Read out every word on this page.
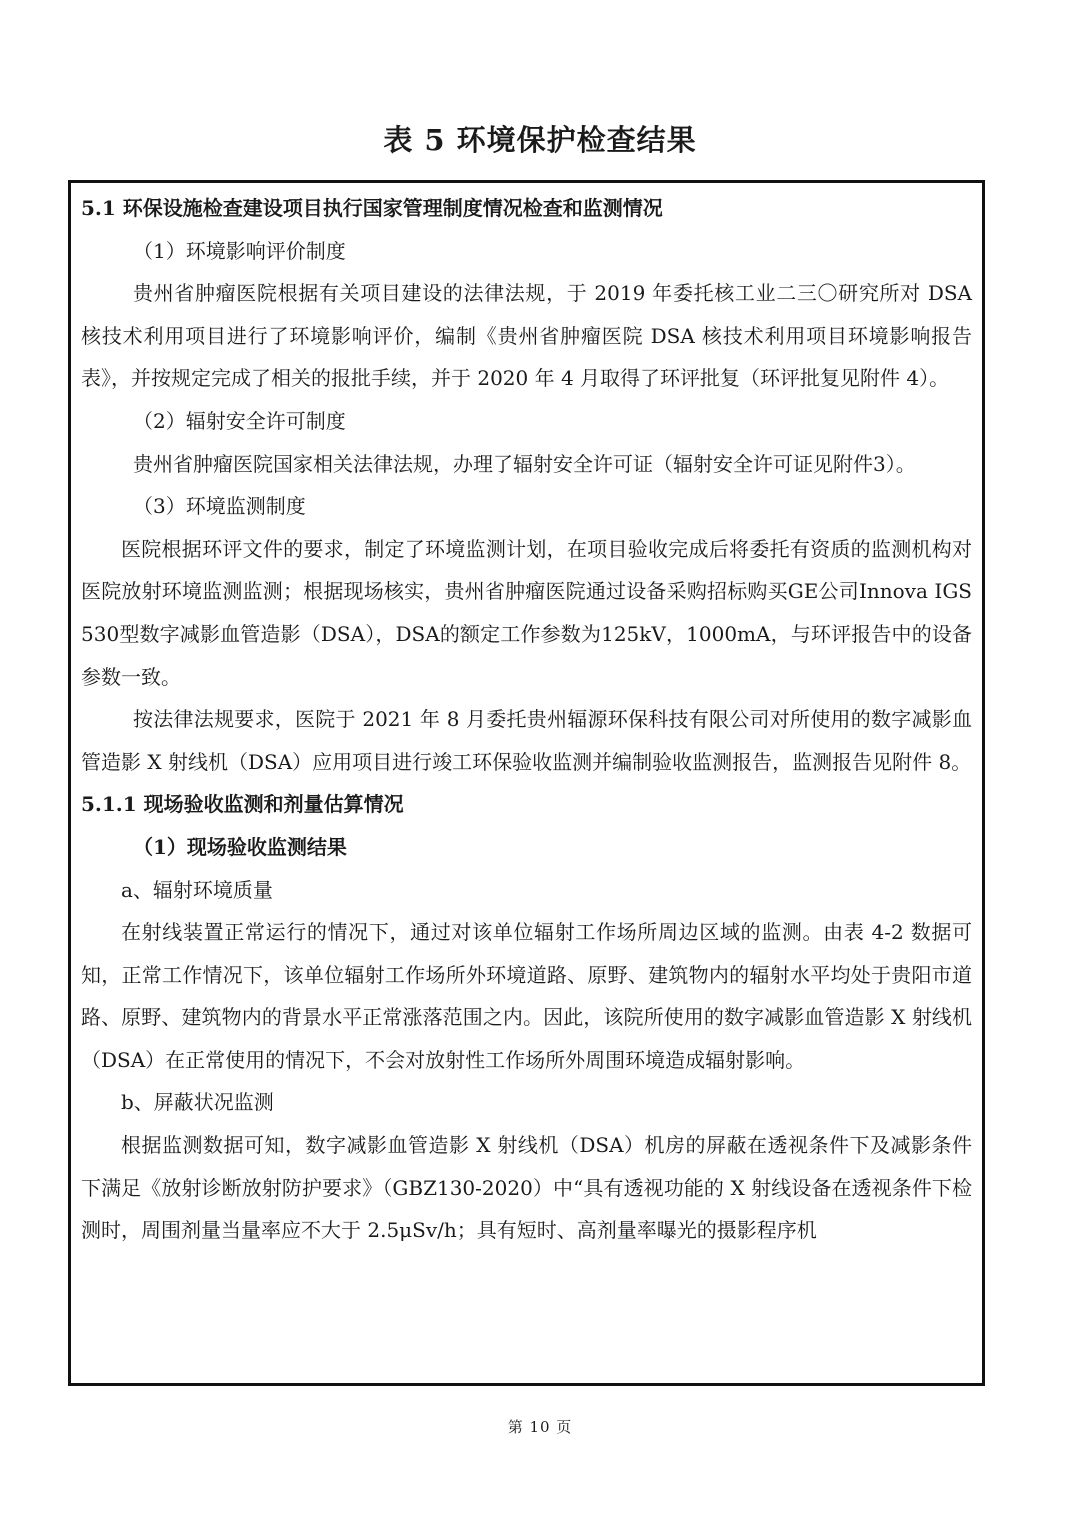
表 5 环境保护检查结果
5.1 环保设施检查建设项目执行国家管理制度情况检查和监测情况

（1）环境影响评价制度

贵州省肿瘤医院根据有关项目建设的法律法规，于 2019 年委托核工业二三〇研究所对 DSA 核技术利用项目进行了环境影响评价，编制《贵州省肿瘤医院 DSA 核技术利用项目环境影响报告表》，并按规定完成了相关的报批手续，并于 2020 年 4 月取得了环评批复（环评批复见附件 4）。

（2）辐射安全许可制度

贵州省肿瘤医院国家相关法律法规，办理了辐射安全许可证（辐射安全许可证见附件3）。

（3）环境监测制度

医院根据环评文件的要求，制定了环境监测计划，在项目验收完成后将委托有资质的监测机构对医院放射环境监测监测；根据现场核实，贵州省肿瘤医院通过设备采购招标购买GE公司Innova IGS 530型数字减影血管造影（DSA），DSA的额定工作参数为125kV，1000mA，与环评报告中的设备参数一致。

按法律法规要求，医院于 2021 年 8 月委托贵州辐源环保科技有限公司对所使用的数字减影血管造影 X 射线机（DSA）应用项目进行竣工环保验收监测并编制验收监测报告，监测报告见附件 8。

5.1.1 现场验收监测和剂量估算情况

（1）现场验收监测结果

a、辐射环境质量

在射线装置正常运行的情况下，通过对该单位辐射工作场所周边区域的监测。由表 4-2 数据可知，正常工作情况下，该单位辐射工作场所外环境道路、原野、建筑物内的辐射水平均处于贵阳市道路、原野、建筑物内的背景水平正常涨落范围之内。因此，该院所使用的数字减影血管造影 X 射线机（DSA）在正常使用的情况下，不会对放射性工作场所外周围环境造成辐射影响。

b、屏蔽状况监测

根据监测数据可知，数字减影血管造影 X 射线机（DSA）机房的屏蔽在透视条件下及减影条件下满足《放射诊断放射防护要求》（GBZ130-2020）中“具有透视功能的 X 射线设备在透视条件下检测时，周围剂量当量率应不大于 2.5μSv/h；具有短时、高剂量率曝光的摄影程序机

第 10 页
